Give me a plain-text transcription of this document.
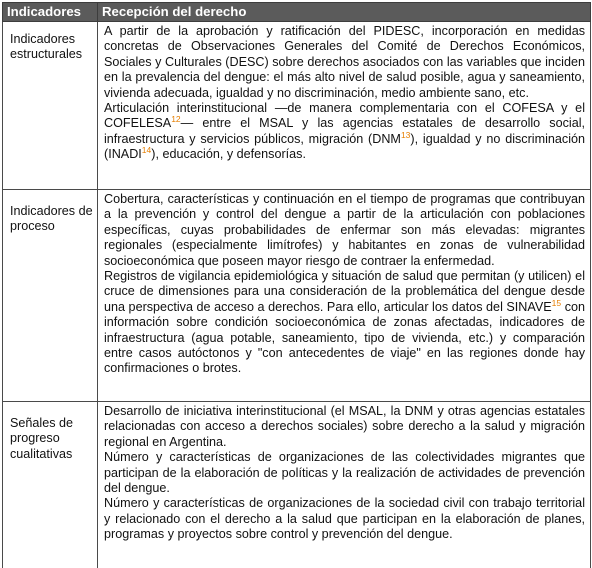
Indicadores	Recepción del derecho
Indicadores estructurales	A partir de la aprobación y ratificación del PIDESC, incorporación en medidas concretas de Observaciones Generales del Comité de Derechos Económicos, Sociales y Culturales (DESC) sobre derechos asociados con las variables que inciden en la prevalencia del dengue: el más alto nivel de salud posible, agua y saneamiento, vivienda adecuada, igualdad y no discriminación, medio ambiente sano, etc.

Articulación interinstitucional —de manera complementaria con el COFESA y el COFELESA$^{12}$— entre el MSAL y las agencias estatales de desarrollo social, infraestructura y servicios públicos, migración (DNM$^{13}$), igualdad y no discriminación (INADI$^{14}$), educación, y defensorías.

Indicadores de proceso	Cobertura, características y continuación en el tiempo de programas que contribuyan a la prevención y control del dengue a partir de la articulación con poblaciones específicas, cuyas probabilidades de enfermar son más elevadas: migrantes regionales (especialmente limítrofes) y habitantes en zonas de vulnerabilidad socioeconómica que poseen mayor riesgo de contraer la enfermedad.

Registros de vigilancia epidemiológica y situación de salud que permitan (y utilicen) el cruce de dimensiones para una consideración de la problemática del dengue desde una perspectiva de acceso a derechos. Para ello, articular los datos del SINAVE$^{15}$ con información sobre condición socioeconómica de zonas afectadas, indicadores de infraestructura (agua potable, saneamiento, tipo de vivienda, etc.) y comparación entre casos autóctonos y "con antecedentes de viaje" en las regiones donde hay confirmaciones o brotes.

Señales de progreso cualitativas	Desarrollo de iniciativa interinstitucional (el MSAL, la DNM y otras agencias estatales relacionadas con acceso a derechos sociales) sobre derecho a la salud y migración regional en Argentina.

Número y características de organizaciones de las colectividades migrantes que participan de la elaboración de políticas y la realización de actividades de prevención del dengue.

Número y características de organizaciones de la sociedad civil con trabajo territorial y relacionado con el derecho a la salud que participan en la elaboración de planes, programas y proyectos sobre control y prevención del dengue.
